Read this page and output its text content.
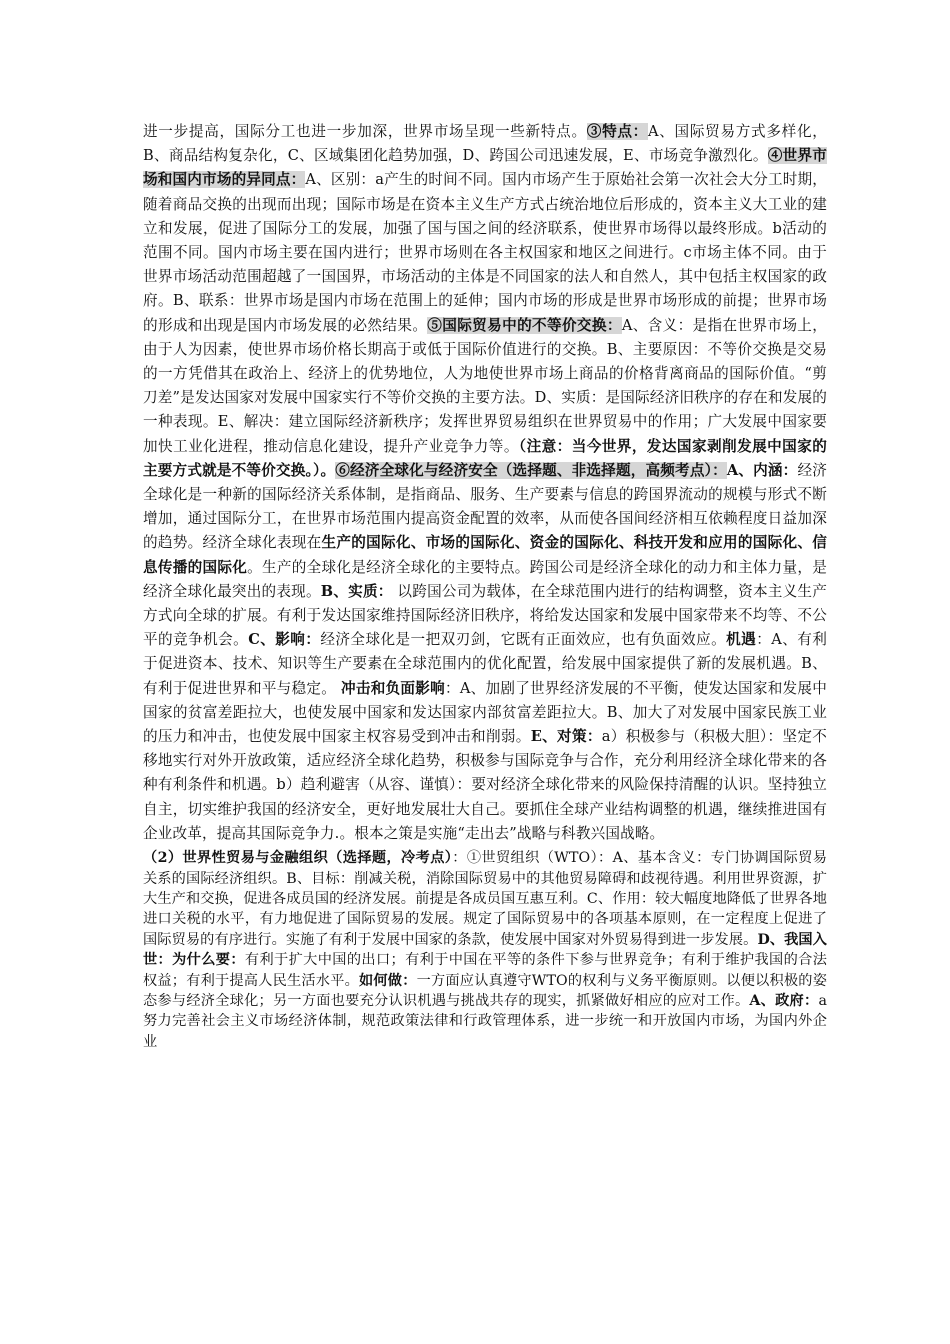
进一步提高，国际分工也进一步加深，世界市场呈现一些新特点。③特点：A、国际贸易方式多样化，B、商品结构复杂化，C、区域集团化趋势加强，D、跨国公司迅速发展，E、市场竞争激烈化。④世界市场和国内市场的异同点：A、区别：a产生的时间不同。国内市场产生于原始社会第一次社会大分工时期，随着商品交换的出现而出现；国际市场是在资本主义生产方式占统治地位后形成的，资本主义大工业的建立和发展，促进了国际分工的发展，加强了国与国之间的经济联系，使世界市场得以最终形成。b活动的范围不同。国内市场主要在国内进行；世界市场则在各主权国家和地区之间进行。c市场主体不同。由于世界市场活动范围超越了一国国界，市场活动的主体是不同国家的法人和自然人，其中包括主权国家的政府。B、联系：世界市场是国内市场在范围上的延伸；国内市场的形成是世界市场形成的前提；世界市场的形成和出现是国内市场发展的必然结果。⑤国际贸易中的不等价交换：A、含义：是指在世界市场上，由于人为因素，使世界市场价格长期高于或低于国际价值进行的交换。B、主要原因：不等价交换是交易的一方凭借其在政治上、经济上的优势地位，人为地使世界市场上商品的价格背离商品的国际价值。“剪刀差”是发达国家对发展中国家实行不等价交换的主要方法。D、实质：是国际经济旧秩序的存在和发展的一种表现。E、解决：建立国际经济新秩序；发挥世界贸易组织在世界贸易中的作用；广大发展中国家要加快工业化进程，推动信息化建设，提升产业竞争力等。（注意：当今世界，发达国家剥削发展中国家的主要方式就是不等价交换。）。⑥经济全球化与经济安全（选择题、非选择题，高频考点）：A、内涵：经济全球化是一种新的国际经济关系体制，是指商品、服务、生产要素与信息的跨国界流动的规模与形式不断增加，通过国际分工，在世界市场范围内提高资金配置的效率，从而使各国间经济相互依赖程度日益加深的趋势。经济全球化表现在生产的国际化、市场的国际化、资金的国际化、科技开发和应用的国际化、信息传播的国际化。生产的全球化是经济全球化的主要特点。跨国公司是经济全球化的动力和主体力量，是经济全球化最突出的表现。B、实质： 以跨国公司为载体，在全球范围内进行的结构调整，资本主义生产方式向全球的扩展。有利于发达国家维持国际经济旧秩序，将给发达国家和发展中国家带来不均等、不公平的竞争机会。C、影响：经济全球化是一把双刃剑，它既有正面效应，也有负面效应。机遇：A、有利于促进资本、技术、知识等生产要素在全球范围内的优化配置，给发展中国家提供了新的发展机遇。B、有利于促进世界和平与稳定。 冲击和负面影响：A、加剧了世界经济发展的不平衡，使发达国家和发展中国家的贫富差距拉大，也使发展中国家和发达国家内部贫富差距拉大。B、加大了对发展中国家民族工业的压力和冲击，也使发展中国家主权容易受到冲击和削弱。E、对策：a）积极参与（积极大胆）：坚定不移地实行对外开放政策，适应经济全球化趋势，积极参与国际竞争与合作，充分利用经济全球化带来的各种有利条件和机遇。b）趋利避害（从容、谨慎）：要对经济全球化带来的风险保持清醒的认识。坚持独立自主，切实维护我国的经济安全，更好地发展壮大自己。要抓住全球产业结构调整的机遇，继续推进国有企业改革，提高其国际竞争力.。根本之策是实施“走出去”战略与科教兴国战略。

（2）世界性贸易与金融组织（选择题，冷考点）：①世贸组织（WTO）：A、基本含义：专门协调国际贸易关系的国际经济组织。B、目标：削减关税，消除国际贸易中的其他贸易障碍和歧视待遇。利用世界资源，扩大生产和交换，促进各成员国的经济发展。前提是各成员国互惠互利。C、作用：较大幅度地降低了世界各地进口关税的水平，有力地促进了国际贸易的发展。规定了国际贸易中的各项基本原则，在一定程度上促进了国际贸易的有序进行。实施了有利于发展中国家的条款，使发展中国家对外贸易得到进一步发展。D、我国入世：为什么要：有利于扩大中国的出口；有利于中国在平等的条件下参与世界竞争；有利于维护我国的合法权益；有利于提高人民生活水平。如何做：一方面应认真遵守WTO的权利与义务平衡原则。以便以积极的姿态参与经济全球化；另一方面也要充分认识机遇与挑战共存的现实，抓紧做好相应的应对工作。A、政府：a努力完善社会主义市场经济体制，规范政策法律和行政管理体系，进一步统一和开放国内市场，为国内外企业
